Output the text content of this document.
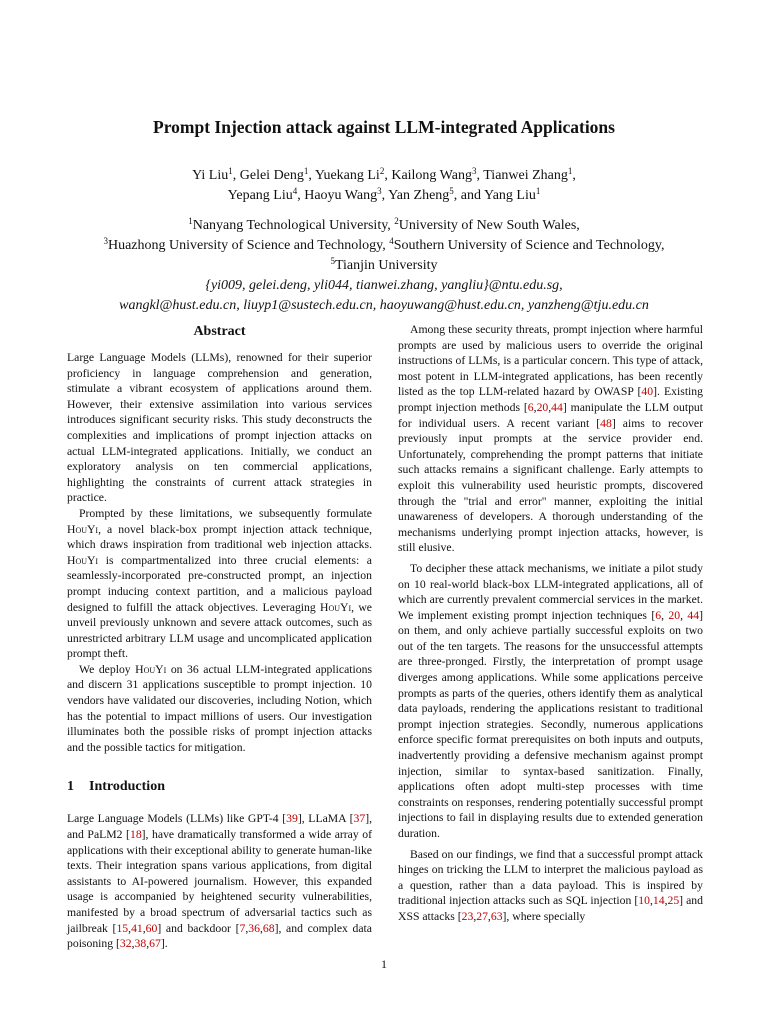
Prompt Injection attack against LLM-integrated Applications
Yi Liu$^1$, Gelei Deng$^1$, Yuekang Li$^2$, Kailong Wang$^3$, Tianwei Zhang$^1$,
Yepang Liu$^4$, Haoyu Wang$^3$, Yan Zheng$^5$, and Yang Liu$^1$
$^1$Nanyang Technological University, $^2$University of New South Wales,
$^3$Huazhong University of Science and Technology, $^4$Southern University of Science and Technology,
$^5$Tianjin University
{yi009, gelei.deng, yli044, tianwei.zhang, yangliu}@ntu.edu.sg,
wangkl@hust.edu.cn, liuyp1@sustech.edu.cn, haoyuwang@hust.edu.cn, yanzheng@tju.edu.cn
Abstract

Large Language Models (LLMs), renowned for their superior proficiency in language comprehension and generation, stimulate a vibrant ecosystem of applications around them. However, their extensive assimilation into various services introduces significant security risks. This study deconstructs the complexities and implications of prompt injection attacks on actual LLM-integrated applications. Initially, we conduct an exploratory analysis on ten commercial applications, highlighting the constraints of current attack strategies in practice.

Prompted by these limitations, we subsequently formulate HouYi, a novel black-box prompt injection attack technique, which draws inspiration from traditional web injection attacks. HouYi is compartmentalized into three crucial elements: a seamlessly-incorporated pre-constructed prompt, an injection prompt inducing context partition, and a malicious payload designed to fulfill the attack objectives. Leveraging HouYi, we unveil previously unknown and severe attack outcomes, such as unrestricted arbitrary LLM usage and uncomplicated application prompt theft.

We deploy HouYi on 36 actual LLM-integrated applications and discern 31 applications susceptible to prompt injection. 10 vendors have validated our discoveries, including Notion, which has the potential to impact millions of users. Our investigation illuminates both the possible risks of prompt injection attacks and the possible tactics for mitigation.

1 Introduction

Large Language Models (LLMs) like GPT-4 [39], LLaMA [37], and PaLM2 [18], have dramatically transformed a wide array of applications with their exceptional ability to generate human-like texts. Their integration spans various applications, from digital assistants to AI-powered journalism. However, this expanded usage is accompanied by heightened security vulnerabilities, manifested by a broad spectrum of adversarial tactics such as jailbreak [15,41,60] and backdoor [7,36,68], and complex data poisoning [32,38,67].

Among these security threats, prompt injection where harmful prompts are used by malicious users to override the original instructions of LLMs, is a particular concern. This type of attack, most potent in LLM-integrated applications, has been recently listed as the top LLM-related hazard by OWASP [40]. Existing prompt injection methods [6,20,44] manipulate the LLM output for individual users. A recent variant [48] aims to recover previously input prompts at the service provider end. Unfortunately, comprehending the prompt patterns that initiate such attacks remains a significant challenge. Early attempts to exploit this vulnerability used heuristic prompts, discovered through the "trial and error" manner, exploiting the initial unawareness of developers. A thorough understanding of the mechanisms underlying prompt injection attacks, however, is still elusive.

To decipher these attack mechanisms, we initiate a pilot study on 10 real-world black-box LLM-integrated applications, all of which are currently prevalent commercial services in the market. We implement existing prompt injection techniques [6, 20, 44] on them, and only achieve partially successful exploits on two out of the ten targets. The reasons for the unsuccessful attempts are three-pronged. Firstly, the interpretation of prompt usage diverges among applications. While some applications perceive prompts as parts of the queries, others identify them as analytical data payloads, rendering the applications resistant to traditional prompt injection strategies. Secondly, numerous applications enforce specific format prerequisites on both inputs and outputs, inadvertently providing a defensive mechanism against prompt injection, similar to syntax-based sanitization. Finally, applications often adopt multi-step processes with time constraints on responses, rendering potentially successful prompt injections to fail in displaying results due to extended generation duration.

Based on our findings, we find that a successful prompt attack hinges on tricking the LLM to interpret the malicious payload as a question, rather than a data payload. This is inspired by traditional injection attacks such as SQL injection [10,14,25] and XSS attacks [23,27,63], where specially

1
